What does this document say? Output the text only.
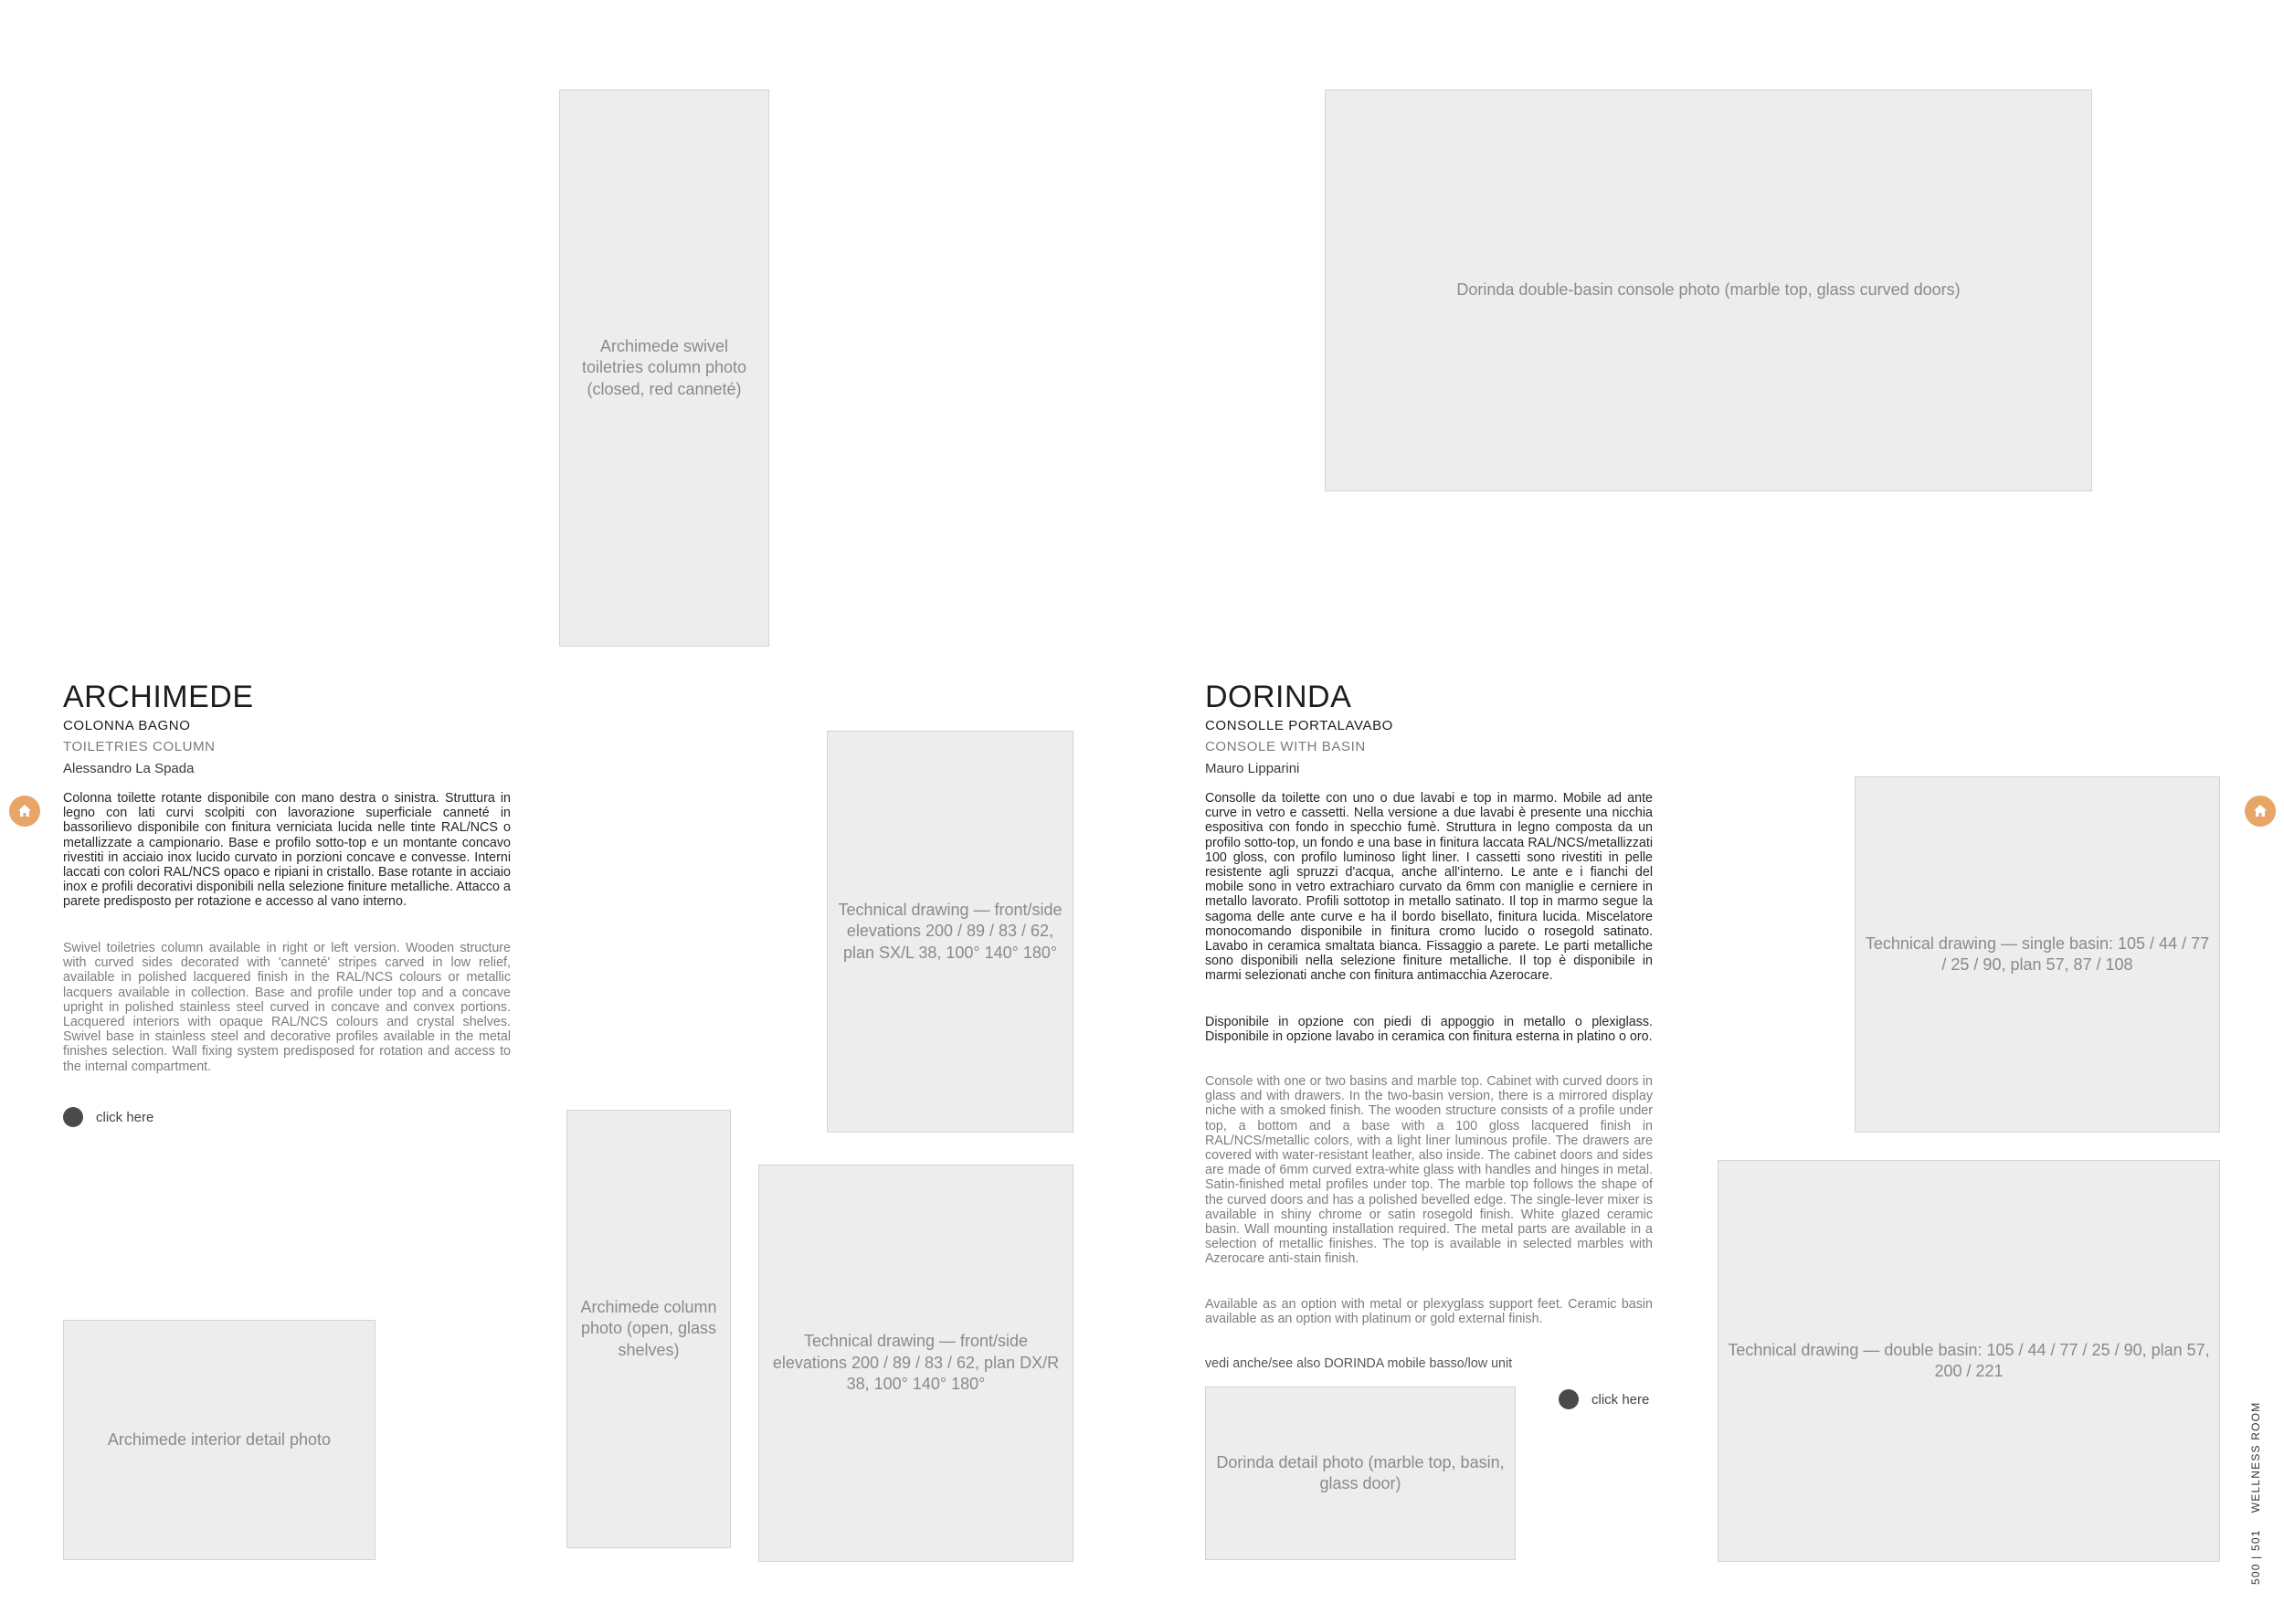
Archimede swivel toiletries column photo (closed, red canneté)
ARCHIMEDE
COLONNA BAGNO
TOILETRIES COLUMN
Alessandro La Spada

Colonna toilette rotante disponibile con mano destra o sinistra. Struttura in legno con lati curvi scolpiti con lavorazione superficiale canneté in bassorilievo disponibile con finitura verniciata lucida nelle tinte RAL/NCS o metallizzate a campionario. Base e profilo sotto-top e un montante concavo rivestiti in acciaio inox lucido curvato in porzioni concave e convesse. Interni laccati con colori RAL/NCS opaco e ripiani in cristallo. Base rotante in acciaio inox e profili decorativi disponibili nella selezione finiture metalliche. Attacco a parete predisposto per rotazione e accesso al vano interno.

Swivel toiletries column available in right or left version. Wooden structure with curved sides decorated with 'canneté' stripes carved in low relief, available in polished lacquered finish in the RAL/NCS colours or metallic lacquers available in collection. Base and profile under top and a concave upright in polished stainless steel curved in concave and convex portions. Lacquered interiors with opaque RAL/NCS colours and crystal shelves. Swivel base in stainless steel and decorative profiles available in the metal finishes selection. Wall fixing system predisposed for rotation and access to the internal compartment.

click here
Archimede interior detail photo
Archimede column photo (open, glass shelves)
Technical drawing — front/side elevations 200 / 89 / 83 / 62, plan SX/L 38, 100° 140° 180°
Technical drawing — front/side elevations 200 / 89 / 83 / 62, plan DX/R 38, 100° 140° 180°
Dorinda double-basin console photo (marble top, glass curved doors)
DORINDA
CONSOLLE PORTALAVABO
CONSOLE WITH BASIN
Mauro Lipparini

Consolle da toilette con uno o due lavabi e top in marmo. Mobile ad ante curve in vetro e cassetti. Nella versione a due lavabi è presente una nicchia espositiva con fondo in specchio fumè. Struttura in legno composta da un profilo sotto-top, un fondo e una base in finitura laccata RAL/NCS/metallizzati 100 gloss, con profilo luminoso light liner. I cassetti sono rivestiti in pelle resistente agli spruzzi d'acqua, anche all'interno. Le ante e i fianchi del mobile sono in vetro extrachiaro curvato da 6mm con maniglie e cerniere in metallo lavorato. Profili sottotop in metallo satinato. Il top in marmo segue la sagoma delle ante curve e ha il bordo bisellato, finitura lucida. Miscelatore monocomando disponibile in finitura cromo lucido o rosegold satinato. Lavabo in ceramica smaltata bianca. Fissaggio a parete. Le parti metalliche sono disponibili nella selezione finiture metalliche. Il top è disponibile in marmi selezionati anche con finitura antimacchia Azerocare.

Disponibile in opzione con piedi di appoggio in metallo o plexiglass. Disponibile in opzione lavabo in ceramica con finitura esterna in platino o oro.

Console with one or two basins and marble top. Cabinet with curved doors in glass and with drawers. In the two-basin version, there is a mirrored display niche with a smoked finish. The wooden structure consists of a profile under top, a bottom and a base with a 100 gloss lacquered finish in RAL/NCS/metallic colors, with a light liner luminous profile. The drawers are covered with water-resistant leather, also inside. The cabinet doors and sides are made of 6mm curved extra-white glass with handles and hinges in metal. Satin-finished metal profiles under top. The marble top follows the shape of the curved doors and has a polished bevelled edge. The single-lever mixer is available in shiny chrome or satin rosegold finish. White glazed ceramic basin. Wall mounting installation required. The metal parts are available in a selection of metallic finishes. The top is available in selected marbles with Azerocare anti-stain finish.

Available as an option with metal or plexyglass support feet. Ceramic basin available as an option with platinum or gold external finish.

vedi anche/see also DORINDA mobile basso/low unit
Dorinda detail photo (marble top, basin, glass door)
click here
Technical drawing — single basin: 105 / 44 / 77 / 25 / 90, plan 57, 87 / 108
Technical drawing — double basin: 105 / 44 / 77 / 25 / 90, plan 57, 200 / 221
500 | 501    WELLNESS ROOM
